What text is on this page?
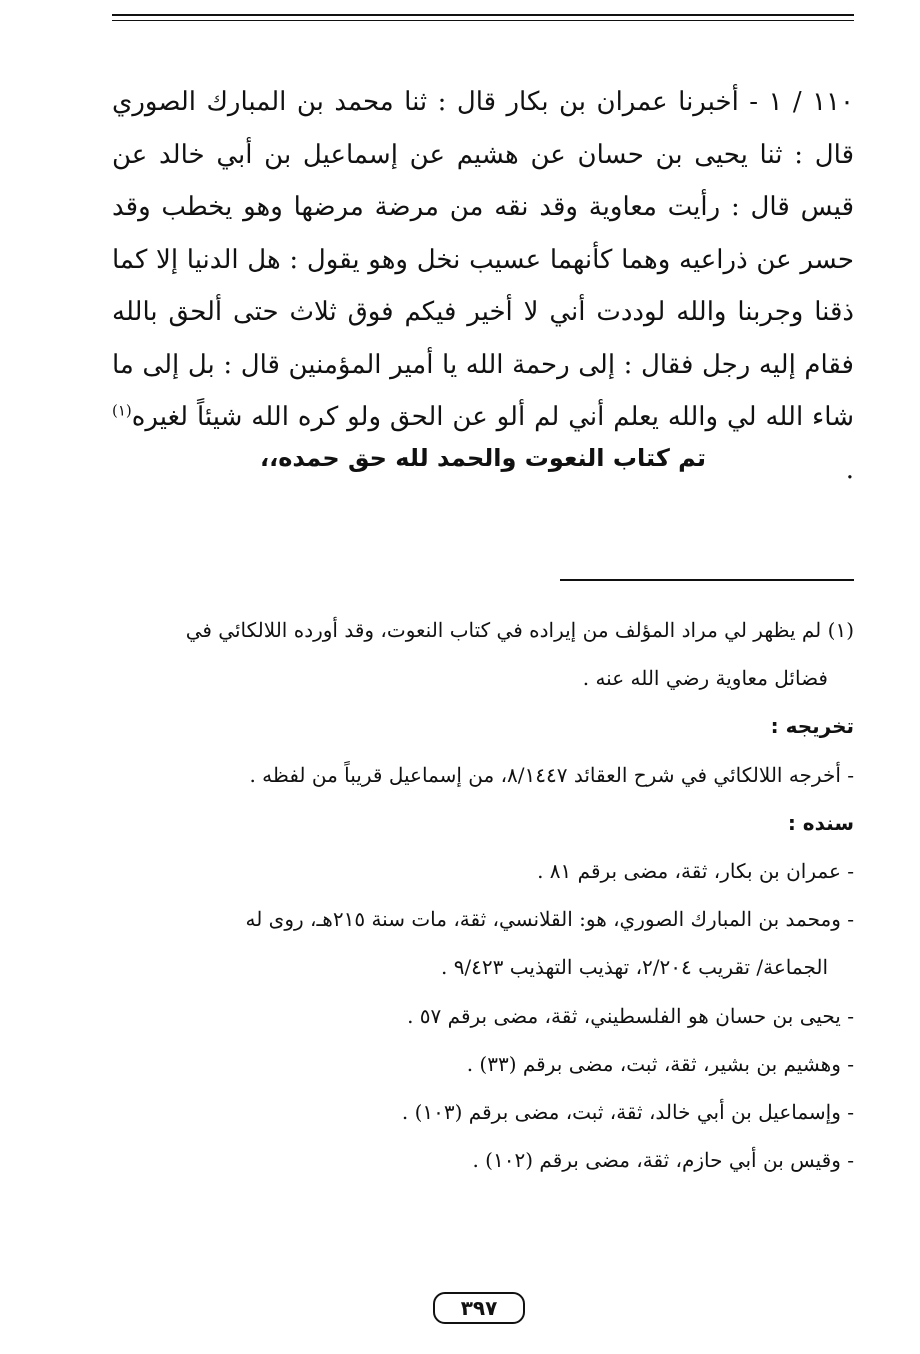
١١٠ / ١ - أخبرنا عمران بن بكار قال : ثنا محمد بن المبارك الصوري قال : ثنا يحيى بن حسان عن هشيم عن إسماعيل بن أبي خالد عن قيس قال : رأيت معاوية وقد نقه من مرضة مرضها وهو يخطب وقد حسر عن ذراعيه وهما كأنهما عسيب نخل وهو يقول : هل الدنيا إلا كما ذقنا وجربنا والله لوددت أني لا أخير فيكم فوق ثلاث حتى ألحق بالله فقام إليه رجل فقال : إلى رحمة الله يا أمير المؤمنين قال : بل إلى ما شاء الله لي والله يعلم أني لم ألو عن الحق ولو كره الله شيئاً لغيره$^{(١)}$ .

تم كتاب النعوت والحمد لله حق حمده،،

(١) لم يظهر لي مراد المؤلف من إيراده في كتاب النعوت، وقد أورده اللالكائي في
فضائل معاوية رضي الله عنه .
تخريجه :
- أخرجه اللالكائي في شرح العقائد ٨/١٤٤٧، من إسماعيل قريباً من لفظه .
سنده :
- عمران بن بكار، ثقة، مضى برقم ٨١ .
- ومحمد بن المبارك الصوري، هو: القلانسي، ثقة، مات سنة ٢١٥هـ، روى له
الجماعة/ تقريب ٢/٢٠٤، تهذيب التهذيب ٩/٤٢٣ .
- يحيى بن حسان هو الفلسطيني، ثقة، مضى برقم ٥٧ .
- وهشيم بن بشير، ثقة، ثبت، مضى برقم (٣٣) .
- وإسماعيل بن أبي خالد، ثقة، ثبت، مضى برقم (١٠٣) .
- وقيس بن أبي حازم، ثقة، مضى برقم (١٠٢) .
٣٩٧
